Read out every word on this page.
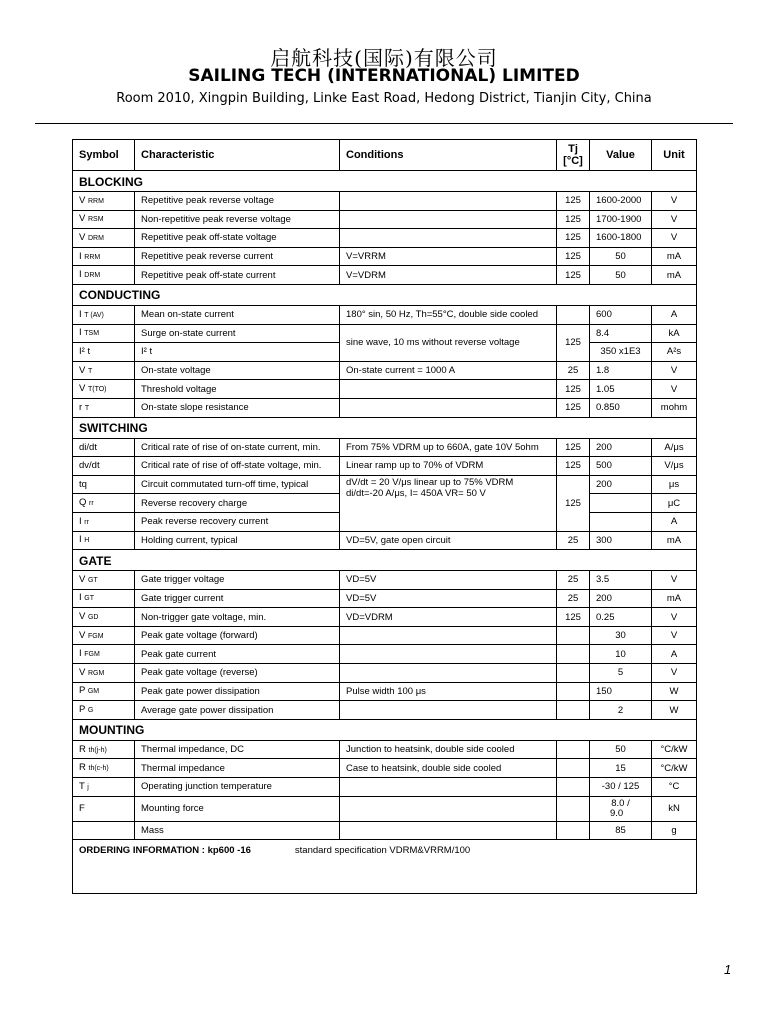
启航科技(国际)有限公司
SAILING TECH (INTERNATIONAL) LIMITED
Room 2010, Xingpin Building, Linke East Road, Hedong District, Tianjin City, China
Symbol	Characteristic	Conditions	Tj
[°C]	Value	Unit
BLOCKING					
V RRM	Repetitive peak reverse voltage		125	1600-2000	V
V RSM	Non-repetitive peak reverse voltage		125	1700-1900	V
V DRM	Repetitive peak off-state voltage		125	1600-1800	V
I RRM	Repetitive peak reverse current	V=VRRM	125	50	mA
I DRM	Repetitive peak off-state current	V=VDRM	125	50	mA
CONDUCTING					
I T (AV)	Mean on-state current	180° sin, 50 Hz, Th=55°C, double side cooled		600	A
I TSM	Surge on-state current	sine wave, 10 ms without reverse voltage	125	8.4	kA
I² t	I² t			350 x1E3	A²s
V T	On-state voltage	On-state current = 1000 A	25	1.8	V
V T(TO)	Threshold voltage		125	1.05	V
r T	On-state slope resistance		125	0.850	mohm
SWITCHING					
di/dt	Critical rate of rise of on-state current, min.	From 75% VDRM up to 660A, gate 10V 5ohm	125	200	A/μs
dv/dt	Critical rate of rise of off-state voltage, min.	Linear ramp up to 70% of VDRM	125	500	V/μs
tq	Circuit commutated turn-off time, typical	dV/dt = 20 V/μs linear up to 75% VDRM
di/dt=-20 A/μs, I= 450A VR= 50 V	125	200	μs
Q rr	Reverse recovery charge				μC
I rr	Peak reverse recovery current				A
I H	Holding current, typical	VD=5V, gate open circuit	25	300	mA
GATE					
V GT	Gate trigger voltage	VD=5V	25	3.5	V
I GT	Gate trigger current	VD=5V	25	200	mA
V GD	Non-trigger gate voltage, min.	VD=VDRM	125	0.25	V
V FGM	Peak gate voltage (forward)			30	V
I FGM	Peak gate current			10	A
V RGM	Peak gate voltage (reverse)			5	V
P GM	Peak gate power dissipation	Pulse width 100 μs		150	W
P G	Average gate power dissipation			2	W
MOUNTING					
R th(j-h)	Thermal impedance, DC	Junction to heatsink, double side cooled		50	°C/kW
R th(c-h)	Thermal impedance	Case to heatsink, double side cooled		15	°C/kW
T j	Operating junction temperature			-30 / 125	°C
F	Mounting force			8.0 /
9.0	kN
	Mass			85	g
ORDERING INFORMATION : kp600 -16 standard specification VDRM&VRRM/100					
1
